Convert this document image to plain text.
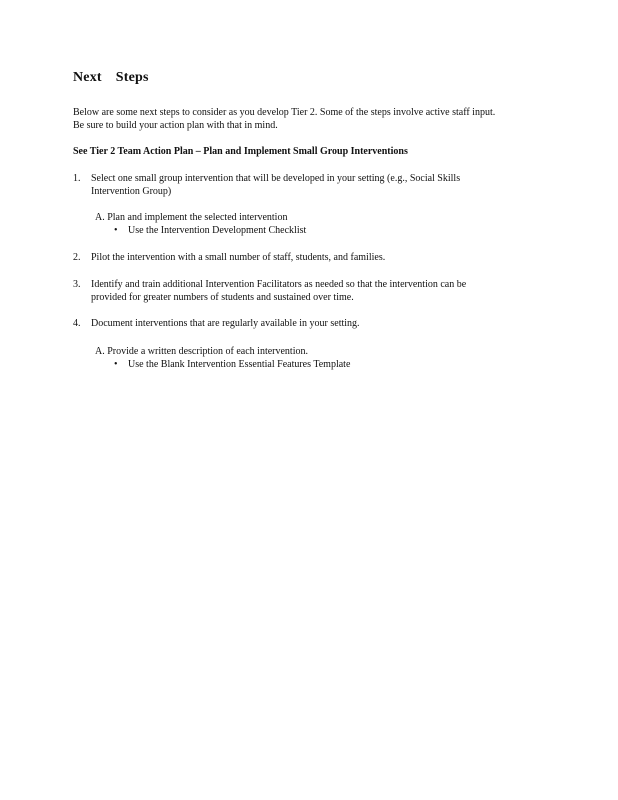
Next Steps
Below are some next steps to consider as you develop Tier 2. Some of the steps involve active staff input.
Be sure to build your action plan with that in mind.
See Tier 2 Team Action Plan – Plan and Implement Small Group Interventions
1. Select one small group intervention that will be developed in your setting (e.g., Social Skills
Intervention Group)
A. Plan and implement the selected intervention
• Use the Intervention Development Checklist
2. Pilot the intervention with a small number of staff, students, and families.
3. Identify and train additional Intervention Facilitators as needed so that the intervention can be
provided for greater numbers of students and sustained over time.
4. Document interventions that are regularly available in your setting.
A. Provide a written description of each intervention.
• Use the Blank Intervention Essential Features Template
